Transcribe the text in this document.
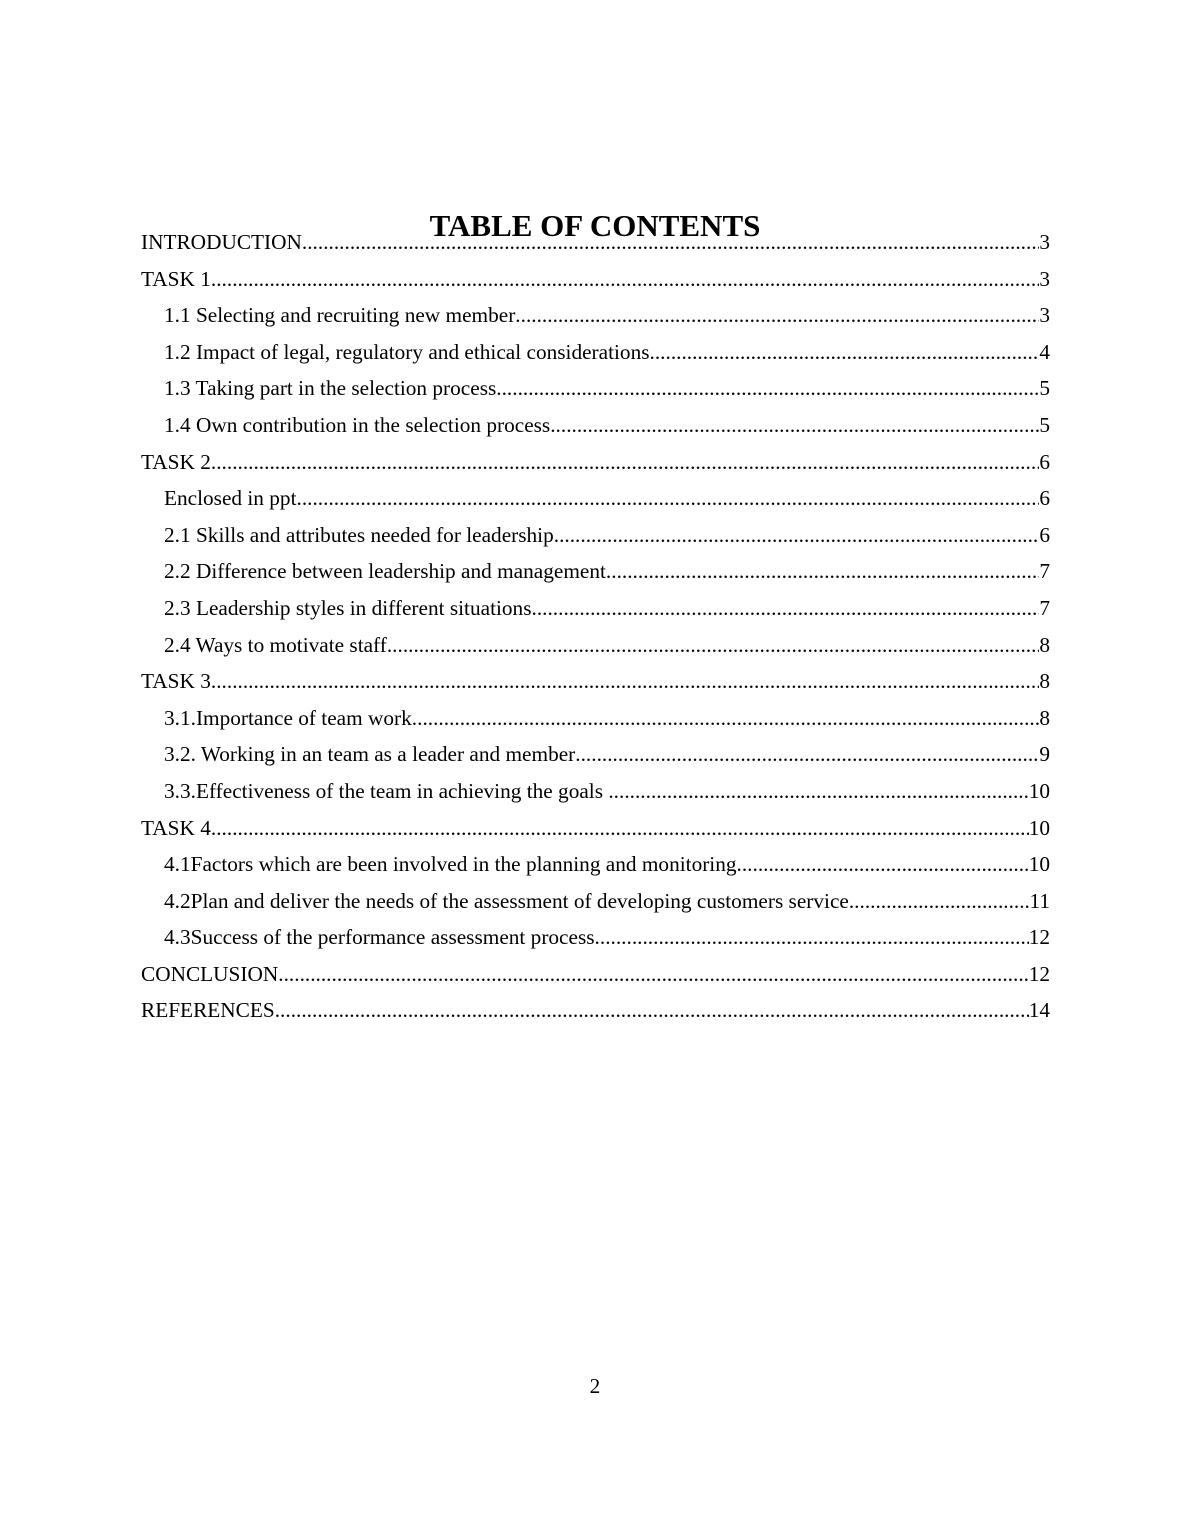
TABLE OF CONTENTS
INTRODUCTION .....	3
TASK 1 .....	3
1.1 Selecting and recruiting new member .....	3
1.2 Impact of legal, regulatory and ethical considerations .....	4
1.3 Taking part in the selection process .....	5
1.4 Own contribution in the selection process .....	5
TASK 2 .....	6
Enclosed in ppt .....	6
2.1 Skills and attributes needed for leadership .....	6
2.2 Difference between leadership and management .....	7
2.3 Leadership styles in different situations .....	7
2.4 Ways to motivate staff .....	8
TASK 3 .....	8
3.1.Importance of team work .....	8
3.2. Working in an team as a leader and member .....	9
3.3.Effectiveness of the team in achieving the goals .....	10
TASK 4 .....	10
4.1Factors which are been involved in the planning and monitoring .....	10
4.2Plan and deliver the needs of the assessment of developing customers service .....	11
4.3Success of the performance assessment process .....	12
CONCLUSION .....	12
REFERENCES .....	14
2
